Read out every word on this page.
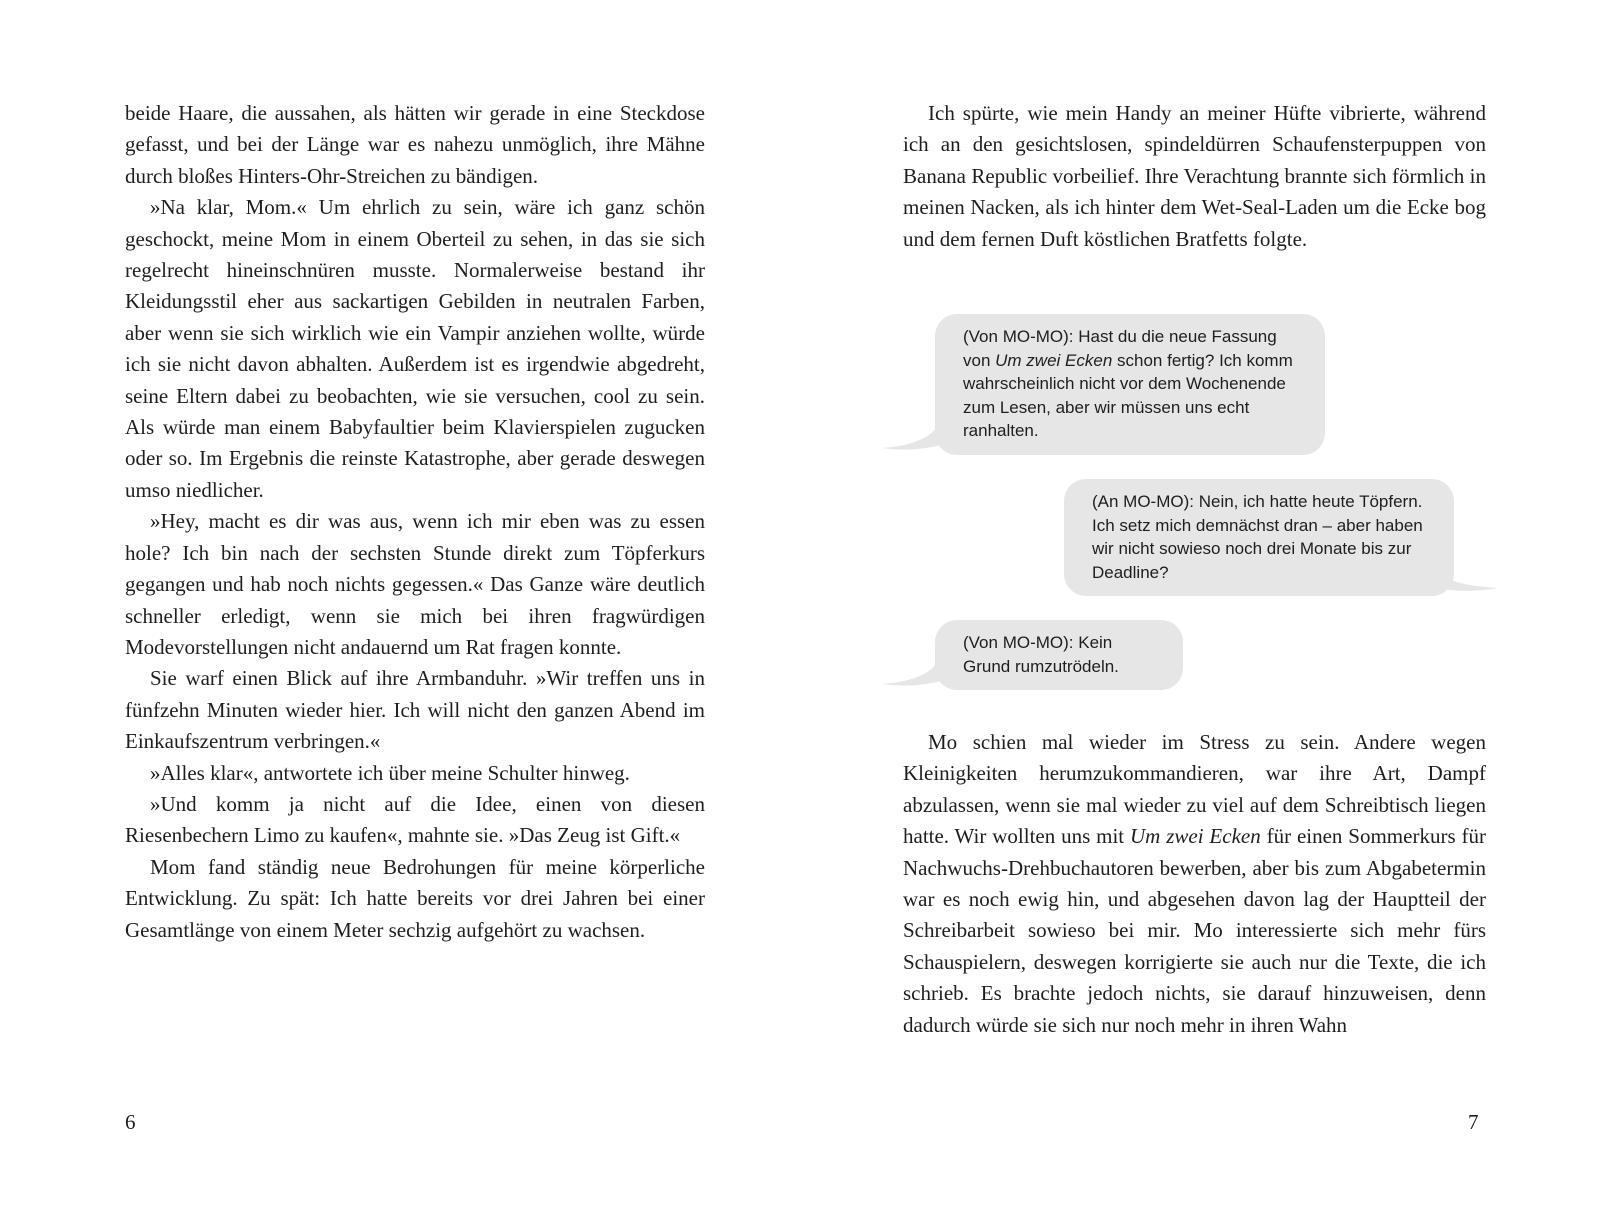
beide Haare, die aussahen, als hätten wir gerade in eine Steckdose gefasst, und bei der Länge war es nahezu unmöglich, ihre Mähne durch bloßes Hinters-Ohr-Streichen zu bändigen.

»Na klar, Mom.« Um ehrlich zu sein, wäre ich ganz schön geschockt, meine Mom in einem Oberteil zu sehen, in das sie sich regelrecht hineinschnüren musste. Normalerweise bestand ihr Kleidungsstil eher aus sackartigen Gebilden in neutralen Farben, aber wenn sie sich wirklich wie ein Vampir anziehen wollte, würde ich sie nicht davon abhalten. Außerdem ist es irgendwie abgedreht, seine Eltern dabei zu beobachten, wie sie versuchen, cool zu sein. Als würde man einem Babyfaultier beim Klavierspielen zugucken oder so. Im Ergebnis die reinste Katastrophe, aber gerade deswegen umso niedlicher.

»Hey, macht es dir was aus, wenn ich mir eben was zu essen hole? Ich bin nach der sechsten Stunde direkt zum Töpferkurs gegangen und hab noch nichts gegessen.« Das Ganze wäre deutlich schneller erledigt, wenn sie mich bei ihren fragwürdigen Modevorstellungen nicht andauernd um Rat fragen konnte.

Sie warf einen Blick auf ihre Armbanduhr. »Wir treffen uns in fünfzehn Minuten wieder hier. Ich will nicht den ganzen Abend im Einkaufszentrum verbringen.«

»Alles klar«, antwortete ich über meine Schulter hinweg.

»Und komm ja nicht auf die Idee, einen von diesen Riesenbechern Limo zu kaufen«, mahnte sie. »Das Zeug ist Gift.«

Mom fand ständig neue Bedrohungen für meine körperliche Entwicklung. Zu spät: Ich hatte bereits vor drei Jahren bei einer Gesamtlänge von einem Meter sechzig aufgehört zu wachsen.

6

Ich spürte, wie mein Handy an meiner Hüfte vibrierte, während ich an den gesichtslosen, spindeldürren Schaufensterpuppen von Banana Republic vorbeilief. Ihre Verachtung brannte sich förmlich in meinen Nacken, als ich hinter dem Wet-Seal-Laden um die Ecke bog und dem fernen Duft köstlichen Bratfetts folgte.

(Von MO-MO): Hast du die neue Fassung von Um zwei Ecken schon fertig? Ich komm wahrscheinlich nicht vor dem Wochenende zum Lesen, aber wir müssen uns echt ranhalten.
(An MO-MO): Nein, ich hatte heute Töpfern. Ich setz mich demnächst dran – aber haben wir nicht sowieso noch drei Monate bis zur Deadline?
(Von MO-MO): Kein Grund rumzutrödeln.

Mo schien mal wieder im Stress zu sein. Andere wegen Kleinigkeiten herumzukommandieren, war ihre Art, Dampf abzulassen, wenn sie mal wieder zu viel auf dem Schreibtisch liegen hatte. Wir wollten uns mit Um zwei Ecken für einen Sommerkurs für Nachwuchs-Drehbuchautoren bewerben, aber bis zum Abgabetermin war es noch ewig hin, und abgesehen davon lag der Hauptteil der Schreibarbeit sowieso bei mir. Mo interessierte sich mehr fürs Schauspielern, deswegen korrigierte sie auch nur die Texte, die ich schrieb. Es brachte jedoch nichts, sie darauf hinzuweisen, denn dadurch würde sie sich nur noch mehr in ihren Wahn

7
